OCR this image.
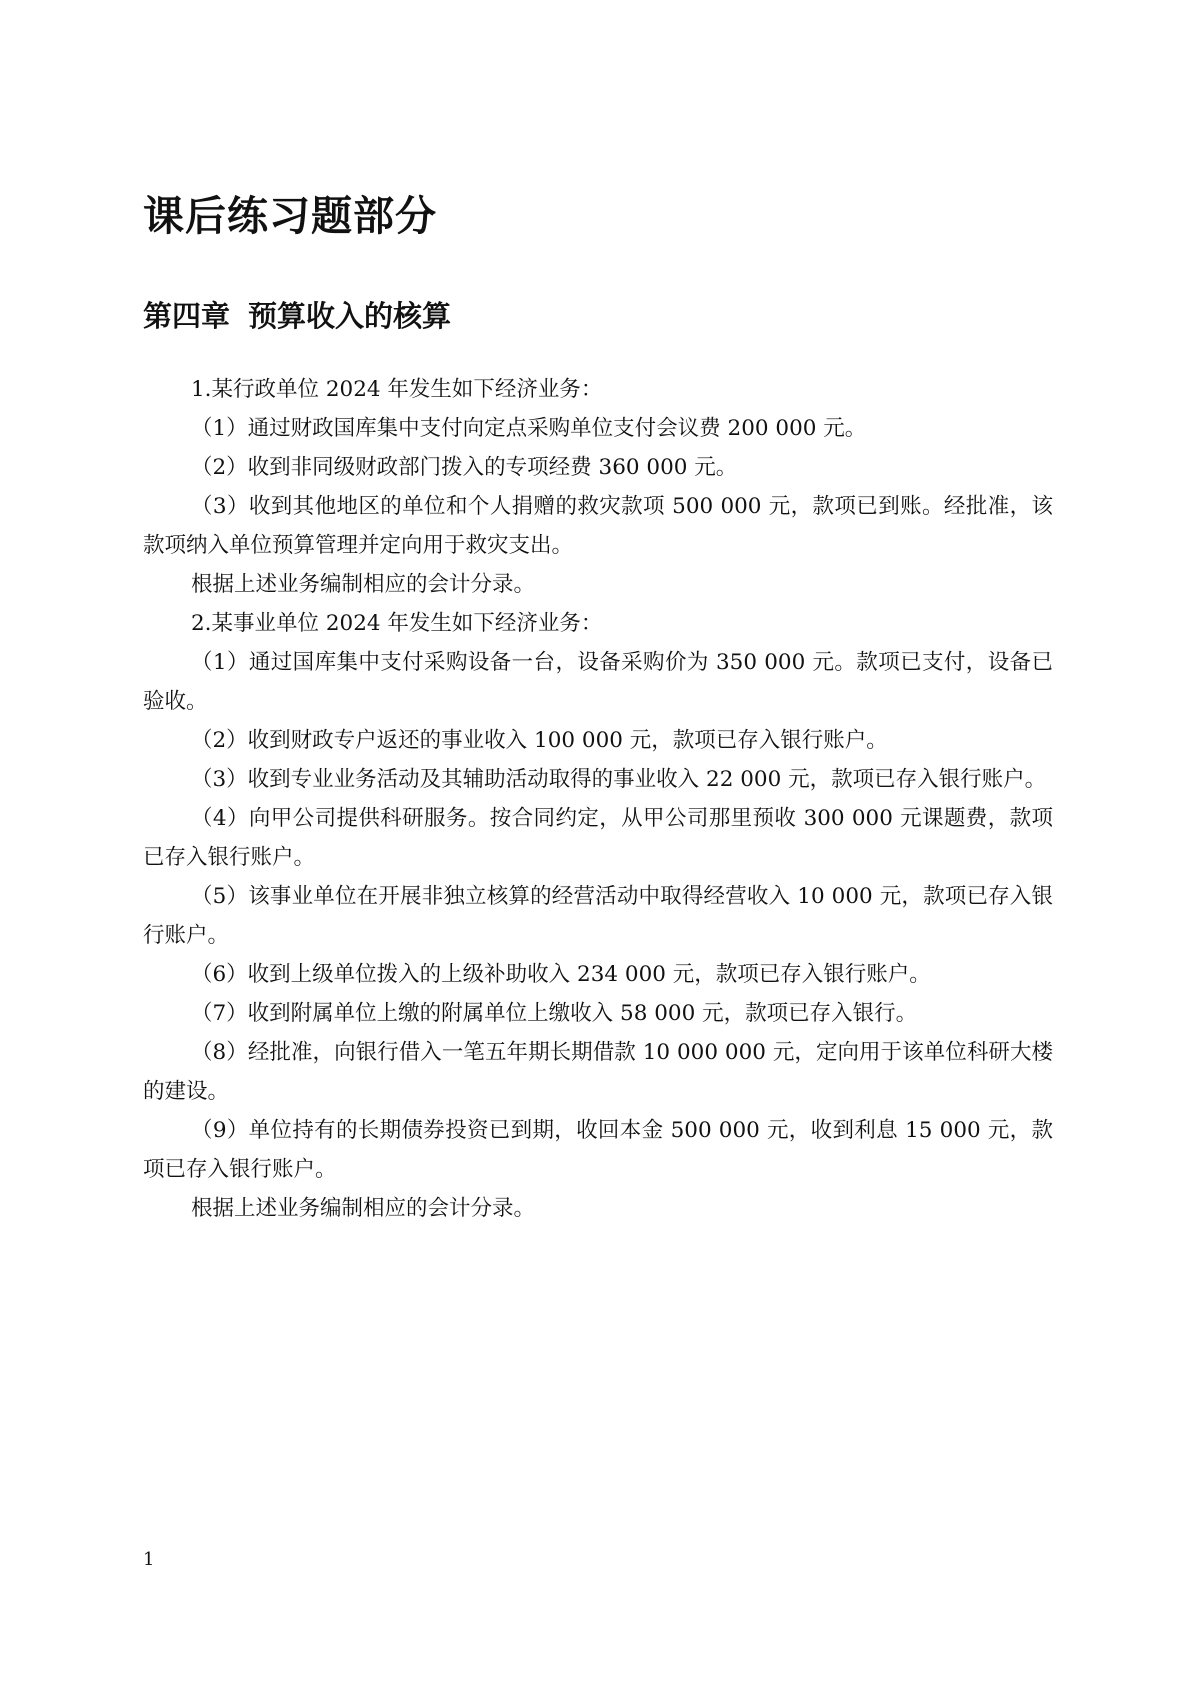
课后练习题部分
第四章 预算收入的核算

1.某行政单位 2024 年发生如下经济业务：

（1）通过财政国库集中支付向定点采购单位支付会议费 200 000 元。

（2）收到非同级财政部门拨入的专项经费 360 000 元。

（3）收到其他地区的单位和个人捐赠的救灾款项 500 000 元，款项已到账。经批准，该款项纳入单位预算管理并定向用于救灾支出。

根据上述业务编制相应的会计分录。

2.某事业单位 2024 年发生如下经济业务：

（1）通过国库集中支付采购设备一台，设备采购价为 350 000 元。款项已支付，设备已验收。

（2）收到财政专户返还的事业收入 100 000 元，款项已存入银行账户。

（3）收到专业业务活动及其辅助活动取得的事业收入 22 000 元，款项已存入银行账户。

（4）向甲公司提供科研服务。按合同约定，从甲公司那里预收 300 000 元课题费，款项已存入银行账户。

（5）该事业单位在开展非独立核算的经营活动中取得经营收入 10 000 元，款项已存入银行账户。

（6）收到上级单位拨入的上级补助收入 234 000 元，款项已存入银行账户。

（7）收到附属单位上缴的附属单位上缴收入 58 000 元，款项已存入银行。

（8）经批准，向银行借入一笔五年期长期借款 10 000 000 元，定向用于该单位科研大楼的建设。

（9）单位持有的长期债券投资已到期，收回本金 500 000 元，收到利息 15 000 元，款项已存入银行账户。

根据上述业务编制相应的会计分录。

1
